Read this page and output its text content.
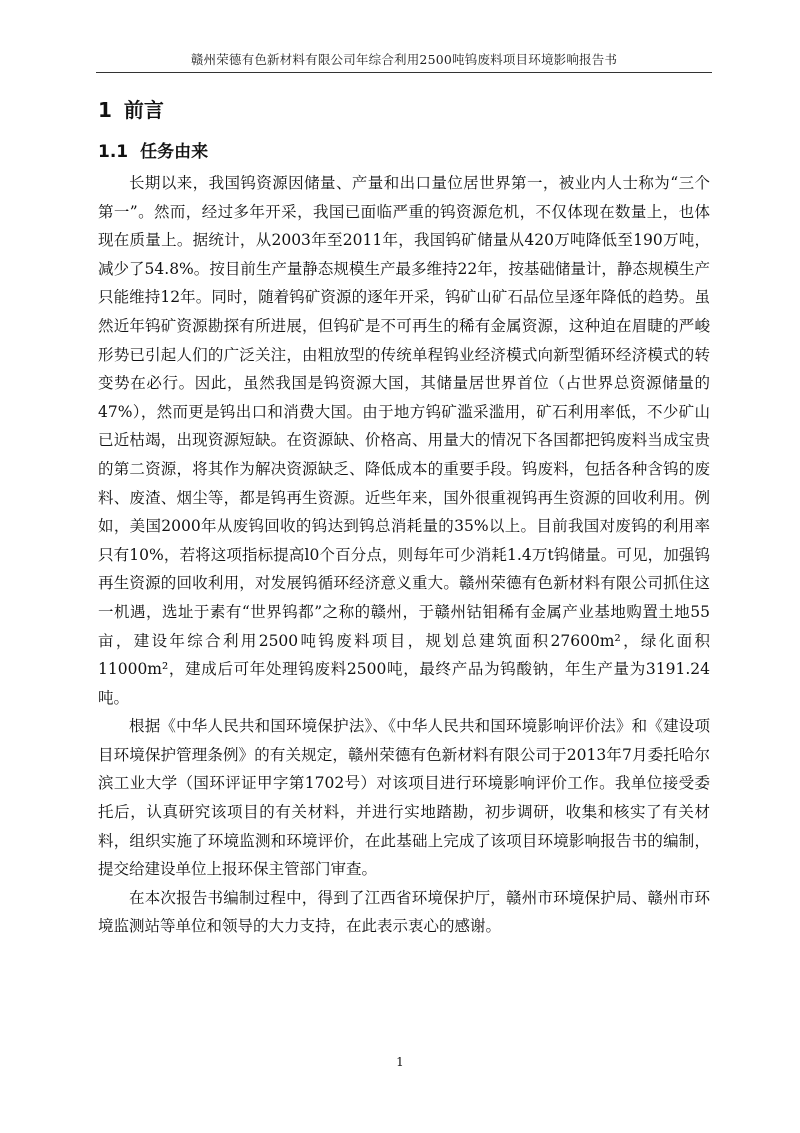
赣州荣德有色新材料有限公司年综合利用2500吨钨废料项目环境影响报告书
1 前言
1.1 任务由来

长期以来，我国钨资源因储量、产量和出口量位居世界第一，被业内人士称为“三个第一”。然而，经过多年开采，我国已面临严重的钨资源危机，不仅体现在数量上，也体现在质量上。据统计，从2003年至2011年，我国钨矿储量从420万吨降低至190万吨，减少了54.8%。按目前生产量静态规模生产最多维持22年，按基础储量计，静态规模生产只能维持12年。同时，随着钨矿资源的逐年开采，钨矿山矿石品位呈逐年降低的趋势。虽然近年钨矿资源勘探有所进展，但钨矿是不可再生的稀有金属资源，这种迫在眉睫的严峻形势已引起人们的广泛关注，由粗放型的传统单程钨业经济模式向新型循环经济模式的转变势在必行。因此，虽然我国是钨资源大国，其储量居世界首位（占世界总资源储量的 47%），然而更是钨出口和消费大国。由于地方钨矿滥采滥用，矿石利用率低，不少矿山已近枯竭，出现资源短缺。在资源缺、价格高、用量大的情况下各国都把钨废料当成宝贵的第二资源，将其作为解决资源缺乏、降低成本的重要手段。钨废料，包括各种含钨的废料、废渣、烟尘等，都是钨再生资源。近些年来，国外很重视钨再生资源的回收利用。例如，美国2000年从废钨回收的钨达到钨总消耗量的35%以上。目前我国对废钨的利用率只有10%，若将这项指标提高l0个百分点，则每年可少消耗1.4万t钨储量。可见，加强钨再生资源的回收利用，对发展钨循环经济意义重大。赣州荣德有色新材料有限公司抓住这一机遇，选址于素有“世界钨都”之称的赣州，于赣州钴钼稀有金属产业基地购置土地55亩，建设年综合利用2500吨钨废料项目，规划总建筑面积27600m²，绿化面积11000m²，建成后可年处理钨废料2500吨，最终产品为钨酸钠，年生产量为3191.24吨。

根据《中华人民共和国环境保护法》、《中华人民共和国环境影响评价法》和《建设项目环境保护管理条例》的有关规定，赣州荣德有色新材料有限公司于2013年7月委托哈尔滨工业大学（国环评证甲字第1702号）对该项目进行环境影响评价工作。我单位接受委托后，认真研究该项目的有关材料，并进行实地踏勘，初步调研，收集和核实了有关材料，组织实施了环境监测和环境评价，在此基础上完成了该项目环境影响报告书的编制，提交给建设单位上报环保主管部门审查。

在本次报告书编制过程中，得到了江西省环境保护厅，赣州市环境保护局、赣州市环境监测站等单位和领导的大力支持，在此表示衷心的感谢。

1
